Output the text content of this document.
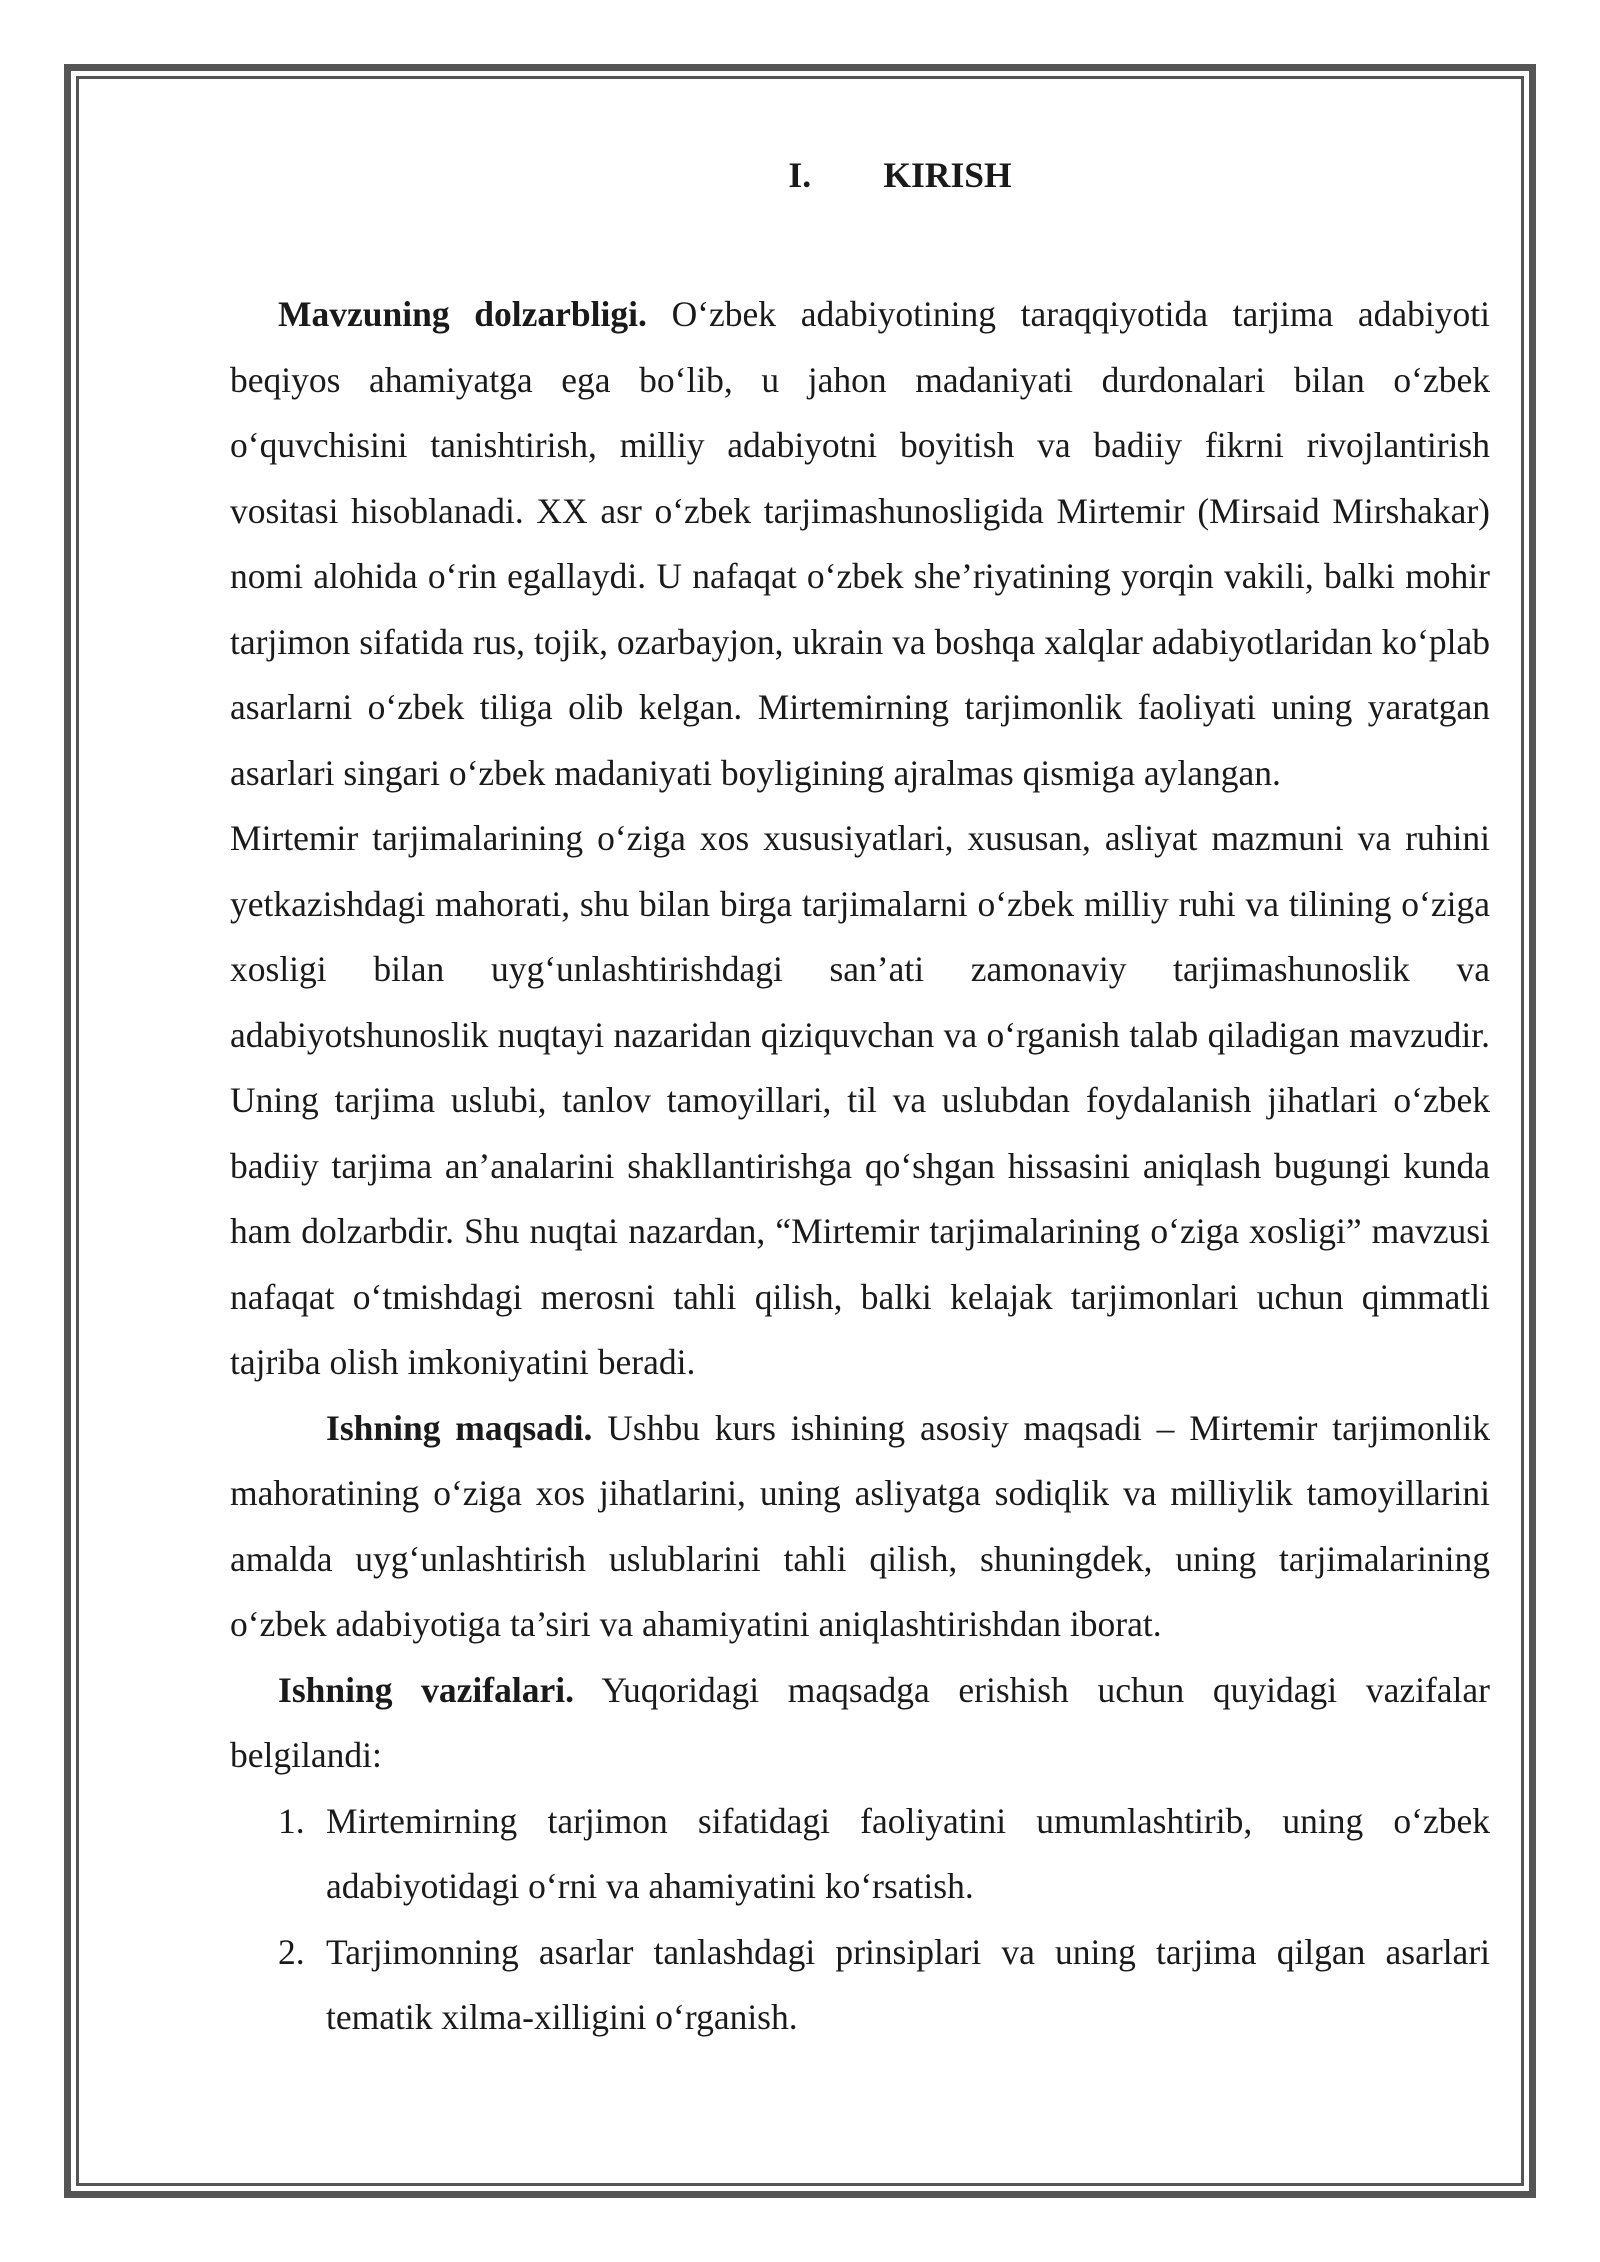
I. KIRISH

Mavzuning dolzarbligi. O‘zbek adabiyotining taraqqiyotida tarjima adabiyoti beqiyos ahamiyatga ega bo‘lib, u jahon madaniyati durdonalari bilan o‘zbek o‘quvchisini tanishtirish, milliy adabiyotni boyitish va badiiy fikrni rivojlantirish vositasi hisoblanadi. XX asr o‘zbek tarjimashunosligida Mirtemir (Mirsaid Mirshakar) nomi alohida o‘rin egallaydi. U nafaqat o‘zbek she’riyatining yorqin vakili, balki mohir tarjimon sifatida rus, tojik, ozarbayjon, ukrain va boshqa xalqlar adabiyotlaridan ko‘plab asarlarni o‘zbek tiliga olib kelgan. Mirtemirning tarjimonlik faoliyati uning yaratgan asarlari singari o‘zbek madaniyati boyligining ajralmas qismiga aylangan.

Mirtemir tarjimalarining o‘ziga xos xususiyatlari, xususan, asliyat mazmuni va ruhini yetkazishdagi mahorati, shu bilan birga tarjimalarni o‘zbek milliy ruhi va tilining o‘ziga xosligi bilan uyg‘unlashtirishdagi san’ati zamonaviy tarjimashunoslik va adabiyotshunoslik nuqtayi nazaridan qiziquvchan va o‘rganish talab qiladigan mavzudir. Uning tarjima uslubi, tanlov tamoyillari, til va uslubdan foydalanish jihatlari o‘zbek badiiy tarjima an’analarini shakllantirishga qo‘shgan hissasini aniqlash bugungi kunda ham dolzarbdir. Shu nuqtai nazardan, “Mirtemir tarjimalarining o‘ziga xosligi” mavzusi nafaqat o‘tmishdagi merosni tahli qilish, balki kelajak tarjimonlari uchun qimmatli tajriba olish imkoniyatini beradi.

Ishning maqsadi. Ushbu kurs ishining asosiy maqsadi – Mirtemir tarjimonlik mahoratining o‘ziga xos jihatlarini, uning asliyatga sodiqlik va milliylik tamoyillarini amalda uyg‘unlashtirish uslublarini tahli qilish, shuningdek, uning tarjimalarining o‘zbek adabiyotiga ta’siri va ahamiyatini aniqlashtirishdan iborat.

Ishning vazifalari. Yuqoridagi maqsadga erishish uchun quyidagi vazifalar belgilandi:

1. Mirtemirning tarjimon sifatidagi faoliyatini umumlashtirib, uning o‘zbek adabiyotidagi o‘rni va ahamiyatini ko‘rsatish.
2. Tarjimonning asarlar tanlashdagi prinsiplari va uning tarjima qilgan asarlari tematik xilma-xilligini o‘rganish.
